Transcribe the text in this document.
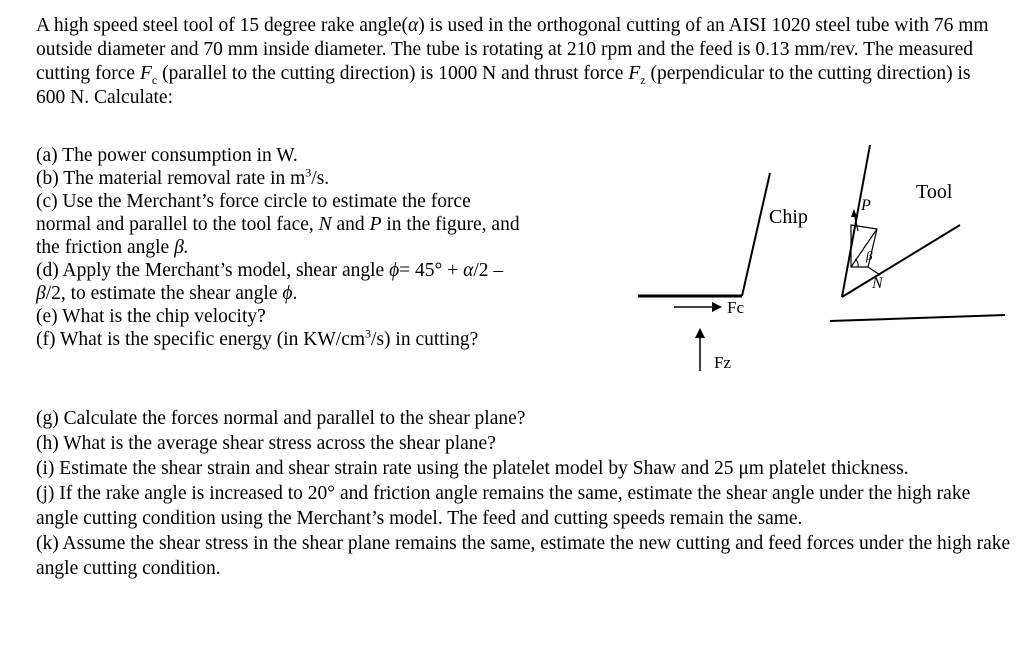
A high speed steel tool of 15 degree rake angle(α) is used in the orthogonal cutting of an AISI 1020 steel tube with 76 mm outside diameter and 70 mm inside diameter. The tube is rotating at 210 rpm and the feed is 0.13 mm/rev. The measured cutting force $F_c$ (parallel to the cutting direction) is 1000 N and thrust force $F_z$ (perpendicular to the cutting direction) is 600 N. Calculate:

(a) The power consumption in W.
(b) The material removal rate in $m^3/s$.
(c) Use the Merchant’s force circle to estimate the force
normal and parallel to the tool face, N and P in the figure, and
the friction angle β.
(d) Apply the Merchant’s model, shear angle ϕ= 45° + α/2 –
β/2, to estimate the shear angle ϕ.
(e) What is the chip velocity?
(f) What is the specific energy (in $KW/cm^3/s$) in cutting?
Tool
Chip
P
N
β
Fc
Fz
(g) Calculate the forces normal and parallel to the shear plane?
(h) What is the average shear stress across the shear plane?
(i) Estimate the shear strain and shear strain rate using the platelet model by Shaw and 25 μm platelet thickness.
(j) If the rake angle is increased to 20° and friction angle remains the same, estimate the shear angle under the high rake angle cutting condition using the Merchant’s model. The feed and cutting speeds remain the same.
(k) Assume the shear stress in the shear plane remains the same, estimate the new cutting and feed forces under the high rake angle cutting condition.
